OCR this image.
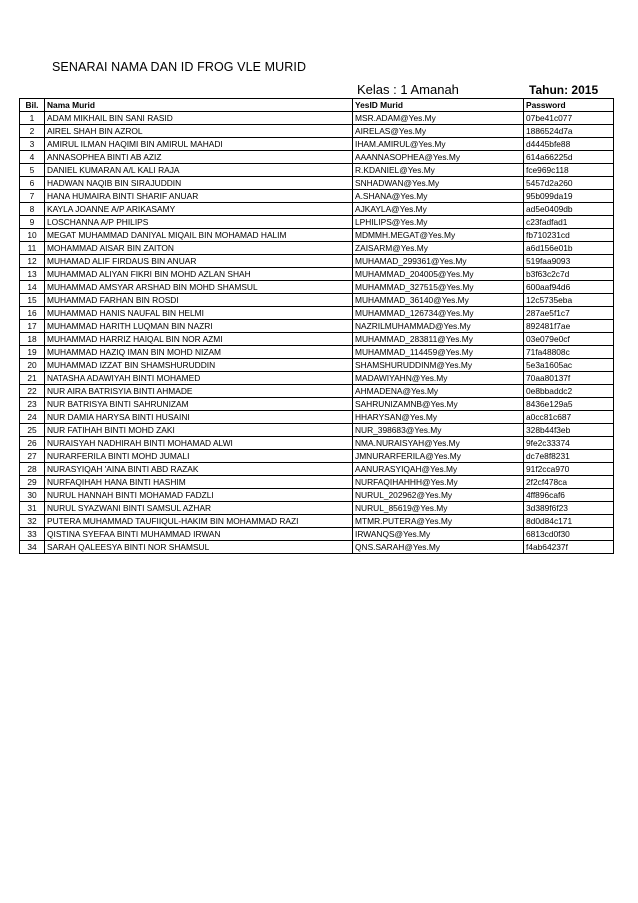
SENARAI NAMA DAN ID FROG VLE MURID
Kelas : 1 Amanah	Tahun: 2015
Bil.	Nama Murid	YesID Murid	Password
1	ADAM MIKHAIL BIN SANI RASID	MSR.ADAM@Yes.My	07be41c077
2	AIREL SHAH BIN AZROL	AIRELAS@Yes.My	1886524d7a
3	AMIRUL ILMAN HAQIMI BIN AMIRUL MAHADI	IHAM.AMIRUL@Yes.My	d4445bfe88
4	ANNASOPHEA BINTI AB AZIZ	AAANNASOPHEA@Yes.My	614a66225d
5	DANIEL KUMARAN A/L KALI RAJA	R.KDANIEL@Yes.My	fce969c118
6	HADWAN NAQIB BIN SIRAJUDDIN	SNHADWAN@Yes.My	5457d2a260
7	HANA HUMAIRA BINTI SHARIF ANUAR	A.SHANA@Yes.My	95b099da19
8	KAYLA JOANNE A/P ARIKASAMY	AJKAYLA@Yes.My	ad5e0409db
9	LOSCHANNA A/P PHILIPS	LPHILIPS@Yes.My	c23fadfad1
10	MEGAT MUHAMMAD DANIYAL MIQAIL BIN MOHAMAD HALIM	MDMMH.MEGAT@Yes.My	fb710231cd
11	MOHAMMAD AISAR BIN ZAITON	ZAISARM@Yes.My	a6d156e01b
12	MUHAMAD ALIF FIRDAUS BIN ANUAR	MUHAMAD_299361@Yes.My	519faa9093
13	MUHAMMAD ALIYAN FIKRI BIN MOHD AZLAN SHAH	MUHAMMAD_204005@Yes.My	b3f63c2c7d
14	MUHAMMAD AMSYAR ARSHAD BIN MOHD SHAMSUL	MUHAMMAD_327515@Yes.My	600aaf94d6
15	MUHAMMAD FARHAN BIN ROSDI	MUHAMMAD_36140@Yes.My	12c5735eba
16	MUHAMMAD HANIS NAUFAL BIN HELMI	MUHAMMAD_126734@Yes.My	287ae5f1c7
17	MUHAMMAD HARITH LUQMAN BIN NAZRI	NAZRILMUHAMMAD@Yes.My	892481f7ae
18	MUHAMMAD HARRIZ HAIQAL BIN NOR AZMI	MUHAMMAD_283811@Yes.My	03e079e0cf
19	MUHAMMAD HAZIQ IMAN BIN MOHD NIZAM	MUHAMMAD_114459@Yes.My	71fa48808c
20	MUHAMMAD IZZAT BIN SHAMSHURUDDIN	SHAMSHURUDDINM@Yes.My	5e3a1605ac
21	NATASHA ADAWIYAH BINTI MOHAMED	MADAWIYAHN@Yes.My	70aa80137f
22	NUR AIRA BATRISYIA BINTI AHMADE	AHMADENA@Yes.My	0e8bbaddc2
23	NUR BATRISYA BINTI SAHRUNIZAM	SAHRUNIZAMNB@Yes.My	8436e129a5
24	NUR DAMIA HARYSA BINTI HUSAINI	HHARYSAN@Yes.My	a0cc81c687
25	NUR FATIHAH BINTI MOHD ZAKI	NUR_398683@Yes.My	328b44f3eb
26	NURAISYAH NADHIRAH BINTI MOHAMAD ALWI	NMA.NURAISYAH@Yes.My	9fe2c33374
27	NURARFERILA BINTI MOHD JUMALI	JMNURARFERILA@Yes.My	dc7e8f8231
28	NURASYIQAH 'AINA BINTI ABD RAZAK	AANURASYIQAH@Yes.My	91f2cca970
29	NURFAQIHAH HANA BINTI HASHIM	NURFAQIHAHHH@Yes.My	2f2cf478ca
30	NURUL HANNAH BINTI MOHAMAD FADZLI	NURUL_202962@Yes.My	4ff896caf6
31	NURUL SYAZWANI BINTI SAMSUL AZHAR	NURUL_85619@Yes.My	3d389f6f23
32	PUTERA MUHAMMAD TAUFIIQUL-HAKIM BIN MOHAMMAD RAZI	MTMR.PUTERA@Yes.My	8d0d84c171
33	QISTINA SYEFAA BINTI MUHAMMAD IRWAN	IRWANQS@Yes.My	6813cd0f30
34	SARAH QALEESYA BINTI NOR SHAMSUL	QNS.SARAH@Yes.My	f4ab64237f
